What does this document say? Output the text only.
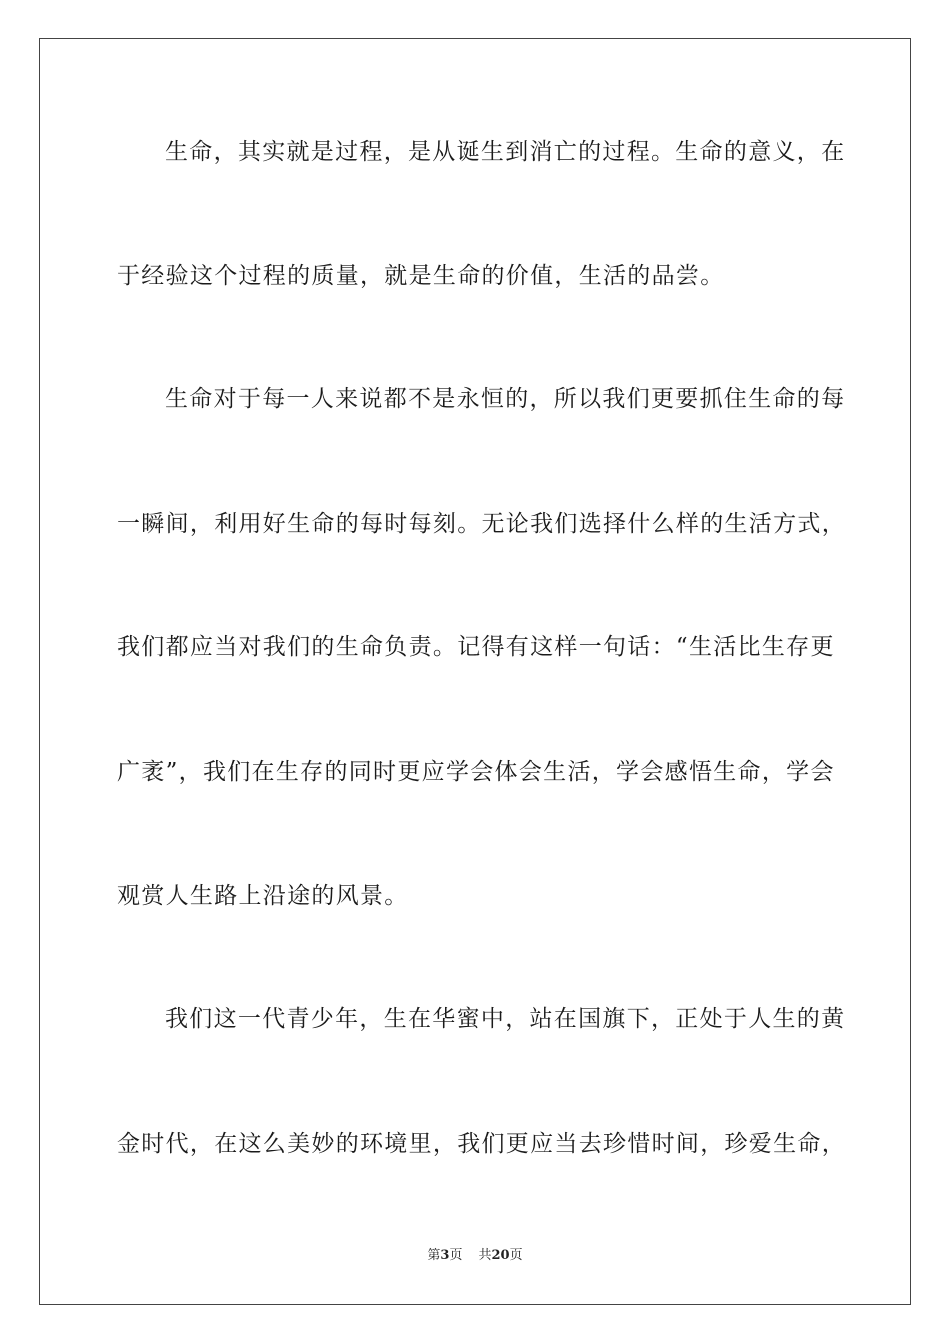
生命，其实就是过程，是从诞生到消亡的过程。生命的意义，在
于经验这个过程的质量，就是生命的价值，生活的品尝。
生命对于每一人来说都不是永恒的，所以我们更要抓住生命的每
一瞬间，利用好生命的每时每刻。无论我们选择什么样的生活方式，
我们都应当对我们的生命负责。记得有这样一句话：“生活比生存更
广袤”，我们在生存的同时更应学会体会生活，学会感悟生命，学会
观赏人生路上沿途的风景。
我们这一代青少年，生在华蜜中，站在国旗下，正处于人生的黄
金时代，在这么美妙的环境里，我们更应当去珍惜时间，珍爱生命，
第3页 共20页
